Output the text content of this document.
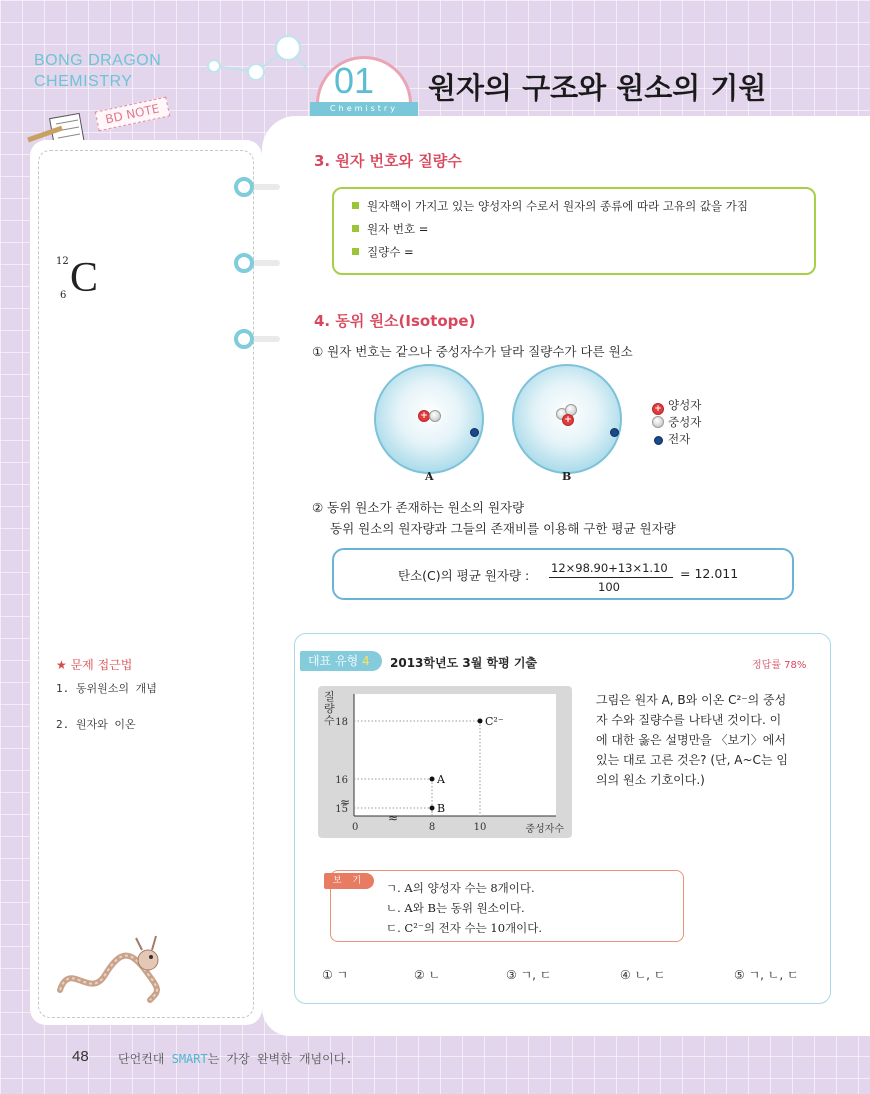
BONG DRAGON
CHEMISTRY
BD NOTE
01
Chemistry
원자의 구조와 원소의 기원
12
6 C
★ 문제 접근법
1. 동위원소의 개념
2. 원자와 이온
3. 원자 번호와 질량수
원자핵이 가지고 있는 양성자의 수로서 원자의 종류에 따라 고유의 값을 가짐
원자 번호 =
질량수 =
4. 동위 원소(Isotope)
① 원자 번호는 같으나 중성자수가 달라 질량수가 다른 원소
+
A
+
B
+ 양성자
중성자
전자
② 동위 원소가 존재하는 원소의 원자량
동위 원소의 원자량과 그들의 존재비를 이용해 구한 평균 원자량
탄소(C)의 평균 원자량 : 12×98.90+13×1.10
100
= 12.011
대표 유형 4	2013학년도 3월 학평 기출	정답률 78%
질 량 수
중성자수
0	8	10
15
16
18
≈
≈
A
B
C²⁻
그림은 원자 A, B와 이온 C²⁻의 중성자 수와 질량수를 나타낸 것이다. 이에 대한 옳은 설명만을 〈보기〉에서 있는 대로 고른 것은? (단, A~C는 임의의 원소 기호이다.)
보 기	ㄱ. A의 양성자 수는 8개이다.
ㄴ. A와 B는 동위 원소이다.
ㄷ. C²⁻의 전자 수는 10개이다.
① ㄱ	② ㄴ	③ ㄱ, ㄷ	④ ㄴ, ㄷ	⑤ ㄱ, ㄴ, ㄷ
48 단언컨대 SMART는 가장 완벽한 개념이다.
